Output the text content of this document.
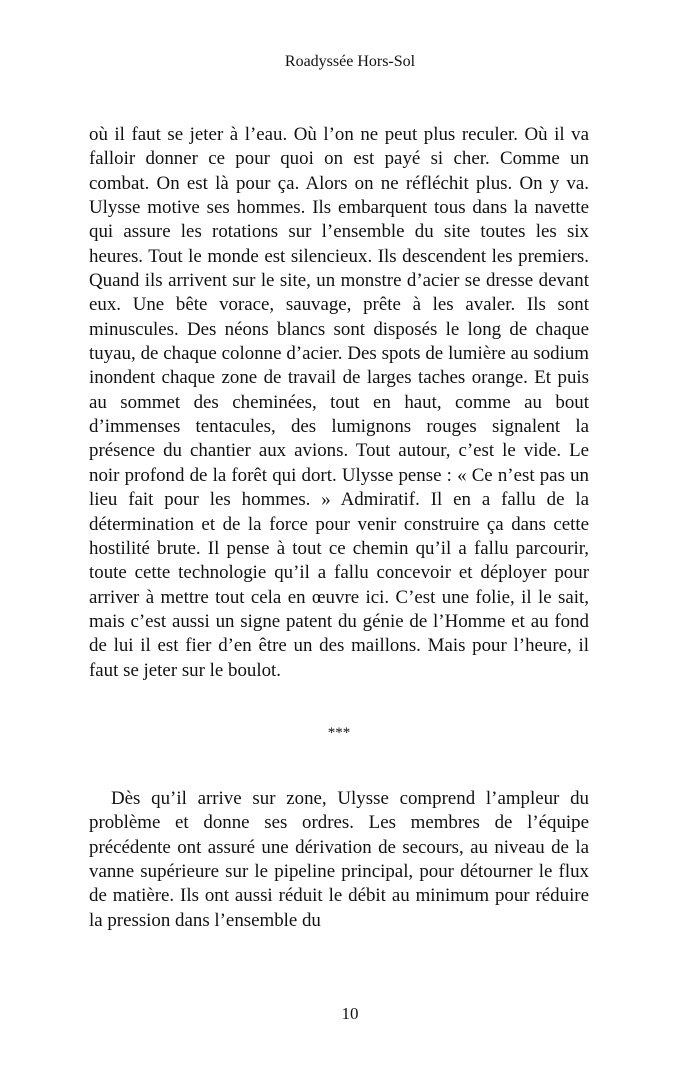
Roadyssée Hors-Sol

où il faut se jeter à l’eau. Où l’on ne peut plus reculer. Où il va falloir donner ce pour quoi on est payé si cher. Comme un combat. On est là pour ça. Alors on ne réfléchit plus. On y va. Ulysse motive ses hommes. Ils embarquent tous dans la navette qui assure les rotations sur l’ensemble du site toutes les six heures. Tout le monde est silencieux. Ils descendent les premiers. Quand ils arrivent sur le site, un monstre d’acier se dresse devant eux. Une bête vorace, sauvage, prête à les avaler. Ils sont minuscules. Des néons blancs sont disposés le long de chaque tuyau, de chaque colonne d’acier. Des spots de lumière au sodium inondent chaque zone de travail de larges taches orange. Et puis au sommet des cheminées, tout en haut, comme au bout d’immenses tentacules, des lumignons rouges signalent la présence du chantier aux avions. Tout autour, c’est le vide. Le noir profond de la forêt qui dort. Ulysse pense : « Ce n’est pas un lieu fait pour les hommes. » Admiratif. Il en a fallu de la détermination et de la force pour venir construire ça dans cette hostilité brute. Il pense à tout ce chemin qu’il a fallu parcourir, toute cette technologie qu’il a fallu concevoir et déployer pour arriver à mettre tout cela en œuvre ici. C’est une folie, il le sait, mais c’est aussi un signe patent du génie de l’Homme et au fond de lui il est fier d’en être un des maillons. Mais pour l’heure, il faut se jeter sur le boulot.

***

Dès qu’il arrive sur zone, Ulysse comprend l’ampleur du problème et donne ses ordres. Les membres de l’équipe précédente ont assuré une dérivation de secours, au niveau de la vanne supérieure sur le pipeline principal, pour détourner le flux de matière. Ils ont aussi réduit le débit au minimum pour réduire la pression dans l’ensemble du

10
